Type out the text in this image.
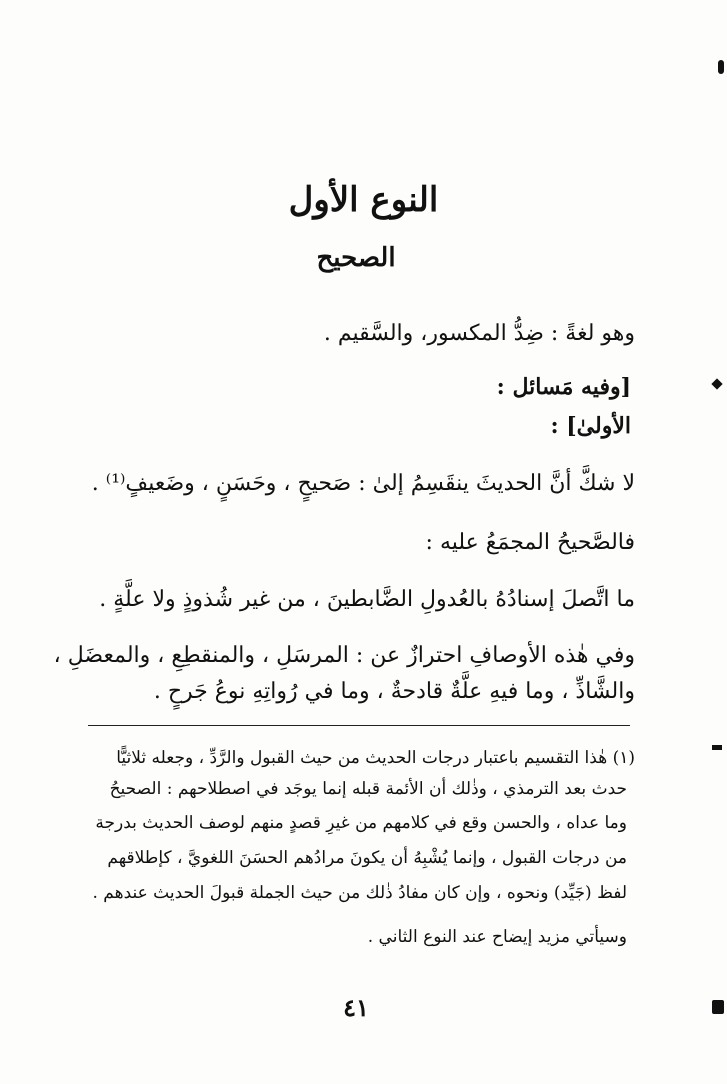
النوع الأول
الصحيح
وهو لغةً : ضِدُّ المكسور، والسَّقيم .
[وفيه مَسائل :
الأولىٰ] :
لا شكَّ أنَّ الحديثَ ينقَسِمُ إلىٰ : صَحيحٍ ، وحَسَنٍ ، وضَعيفٍ⁽¹⁾ .
فالصَّحيحُ المجمَعُ عليه :
ما اتَّصلَ إسنادُهُ بالعُدولِ الضَّابطينَ ، من غير شُذوذٍ ولا علَّةٍ .
وفي هٰذه الأوصافِ احترازٌ عن : المرسَلِ ، والمنقطِعِ ، والمعضَلِ ،
والشَّاذِّ ، وما فيهِ علَّةٌ قادحةٌ ، وما في رُواتِهِ نوعُ جَرحٍ .
(١) هٰذا التقسيم باعتبار درجات الحديث من حيث القبول والرَّدِّ ، وجعله ثلاثيًّا
حدث بعد الترمذي ، وذٰلك أن الأئمة قبله إنما يوجَد في اصطلاحهم : الصحيحُ
وما عداه ، والحسن وقع في كلامهم من غيرِ قصدٍ منهم لوصف الحديث بدرجة
من درجات القبول ، وإنما يُشْبِهُ أن يكونَ مرادُهم الحسَنَ اللغويَّ ، كإطلاقهم
لفظ (جَيِّد) ونحوه ، وإن كان مفادُ ذٰلك من حيث الجملة قبولَ الحديث عندهم .
وسيأتي مزيد إيضاح عند النوع الثاني .
٤١
